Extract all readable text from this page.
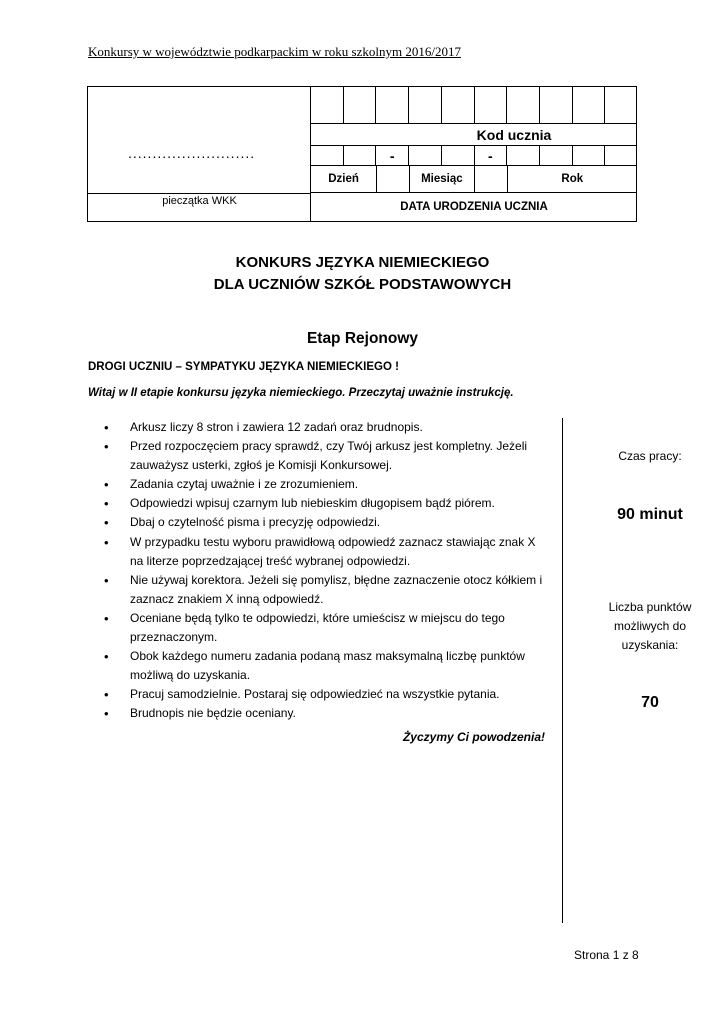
Konkursy w województwie podkarpackim w roku szkolnym 2016/2017
..........................
pieczątka WKK
Kod ucznia
-	-
Dzień	Miesiąc	Rok
DATA URODZENIA UCZNIA
KONKURS JĘZYKA NIEMIECKIEGO
DLA UCZNIÓW SZKÓŁ PODSTAWOWYCH
Etap Rejonowy
DROGI UCZNIU – SYMPATYKU JĘZYKA NIEMIECKIEGO !
Witaj w II etapie konkursu języka niemieckiego. Przeczytaj uważnie instrukcję.
• Arkusz liczy 8 stron i zawiera 12 zadań oraz brudnopis.
• Przed rozpoczęciem pracy sprawdź, czy Twój arkusz jest kompletny. Jeżeli zauważysz usterki, zgłoś je Komisji Konkursowej.
• Zadania czytaj uważnie i ze zrozumieniem.
• Odpowiedzi wpisuj czarnym lub niebieskim długopisem bądź piórem.
• Dbaj o czytelność pisma i precyzję odpowiedzi.
• W przypadku testu wyboru prawidłową odpowiedź zaznacz stawiając znak X na literze poprzedzającej treść wybranej odpowiedzi.
• Nie używaj korektora. Jeżeli się pomylisz, błędne zaznaczenie otocz kółkiem i zaznacz znakiem X inną odpowiedź.
• Oceniane będą tylko te odpowiedzi, które umieścisz w miejscu do tego przeznaczonym.
• Obok każdego numeru zadania podaną masz maksymalną liczbę punktów możliwą do uzyskania.
• Pracuj samodzielnie. Postaraj się odpowiedzieć na wszystkie pytania.
• Brudnopis nie będzie oceniany.
Życzymy Ci powodzenia!
Czas pracy:
90 minut
Liczba punktów możliwych do uzyskania:
70
Strona 1 z 8
